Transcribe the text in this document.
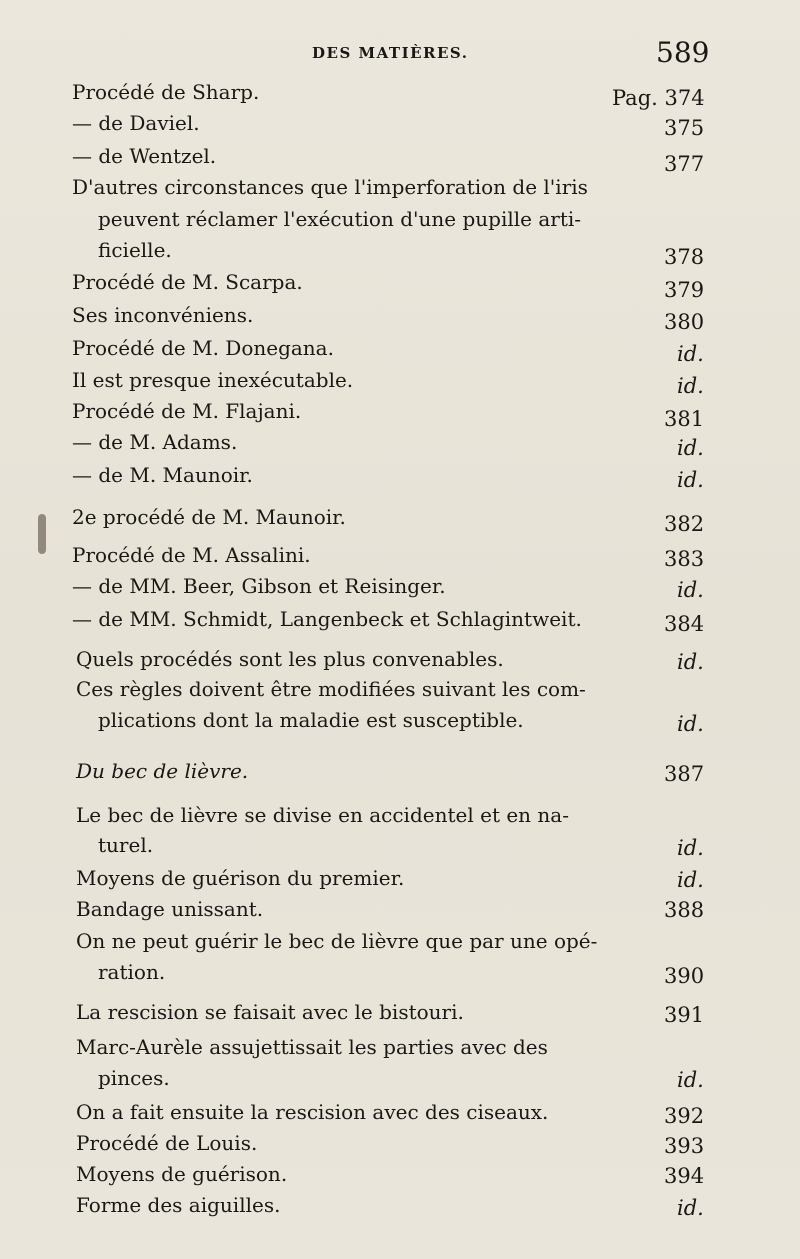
DES MATIÈRES.	589
Procédé de Sharp.	Pag. 374
— de Daviel.	375
— de Wentzel.	377
D'autres circonstances que l'imperforation de l'iris
peuvent réclamer l'exécution d'une pupille arti-
ficielle.	378
Procédé de M. Scarpa.	379
Ses inconvéniens.	380
Procédé de M. Donegana.	id.
Il est presque inexécutable.	id.
Procédé de M. Flajani.	381
— de M. Adams.	id.
— de M. Maunoir.	id.
2e procédé de M. Maunoir.	382
Procédé de M. Assalini.	383
— de MM. Beer, Gibson et Reisinger.	id.
— de MM. Schmidt, Langenbeck et Schlagintweit.	384
Quels procédés sont les plus convenables.	id.
Ces règles doivent être modifiées suivant les com-
plications dont la maladie est susceptible.	id.
Du bec de lièvre.	387
Le bec de lièvre se divise en accidentel et en na-
turel.	id.
Moyens de guérison du premier.	id.
Bandage unissant.	388
On ne peut guérir le bec de lièvre que par une opé-
ration.	390
La rescision se faisait avec le bistouri.	391
Marc-Aurèle assujettissait les parties avec des
pinces.	id.
On a fait ensuite la rescision avec des ciseaux.	392
Procédé de Louis.	393
Moyens de guérison.	394
Forme des aiguilles.	id.
